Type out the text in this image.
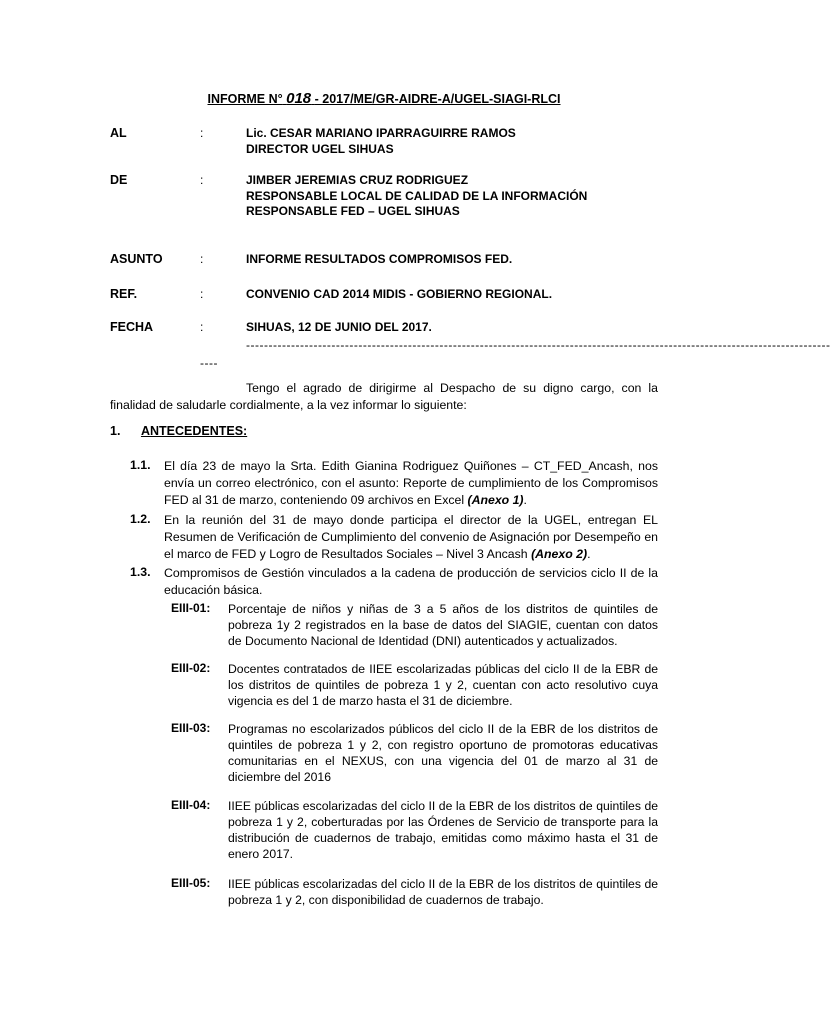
INFORME N° 018 - 2017/ME/GR-AIDRE-A/UGEL-SIAGI-RLCI
AL	:	Lic. CESAR MARIANO IPARRAGUIRRE RAMOS
DIRECTOR UGEL SIHUAS
DE	:	JIMBER JEREMIAS CRUZ RODRIGUEZ
RESPONSABLE LOCAL DE CALIDAD DE LA INFORMACIÓN
RESPONSABLE FED – UGEL SIHUAS
ASUNTO	:	INFORME RESULTADOS COMPROMISOS FED.
REF.	:	CONVENIO CAD 2014 MIDIS - GOBIERNO REGIONAL.
FECHA	:	SIHUAS, 12 DE JUNIO DEL 2017.
----------------------------------------------------------------------------------------------------------------------------------
----
Tengo el agrado de dirigirme al Despacho de su digno cargo, con la finalidad de saludarle cordialmente, a la vez informar lo siguiente:
1. ANTECEDENTES:
1.1. El día 23 de mayo la Srta. Edith Gianina Rodriguez Quiñones – CT_FED_Ancash, nos envía un correo electrónico, con el asunto: Reporte de cumplimiento de los Compromisos FED al 31 de marzo, conteniendo 09 archivos en Excel (Anexo 1).
1.2. En la reunión del 31 de mayo donde participa el director de la UGEL, entregan EL Resumen de Verificación de Cumplimiento del convenio de Asignación por Desempeño en el marco de FED y Logro de Resultados Sociales – Nivel 3 Ancash (Anexo 2).
1.3. Compromisos de Gestión vinculados a la cadena de producción de servicios ciclo II de la educación básica.
EIII-01: Porcentaje de niños y niñas de 3 a 5 años de los distritos de quintiles de pobreza 1y 2 registrados en la base de datos del SIAGIE, cuentan con datos de Documento Nacional de Identidad (DNI) autenticados y actualizados.
EIII-02: Docentes contratados de IIEE escolarizadas públicas del ciclo II de la EBR de los distritos de quintiles de pobreza 1 y 2, cuentan con acto resolutivo cuya vigencia es del 1 de marzo hasta el 31 de diciembre.
EIII-03: Programas no escolarizados públicos del ciclo II de la EBR de los distritos de quintiles de pobreza 1 y 2, con registro oportuno de promotoras educativas comunitarias en el NEXUS, con una vigencia del 01 de marzo al 31 de diciembre del 2016
EIII-04: IIEE públicas escolarizadas del ciclo II de la EBR de los distritos de quintiles de pobreza 1 y 2, coberturadas por las Órdenes de Servicio de transporte para la distribución de cuadernos de trabajo, emitidas como máximo hasta el 31 de enero 2017.
EIII-05: IIEE públicas escolarizadas del ciclo II de la EBR de los distritos de quintiles de pobreza 1 y 2, con disponibilidad de cuadernos de trabajo.
